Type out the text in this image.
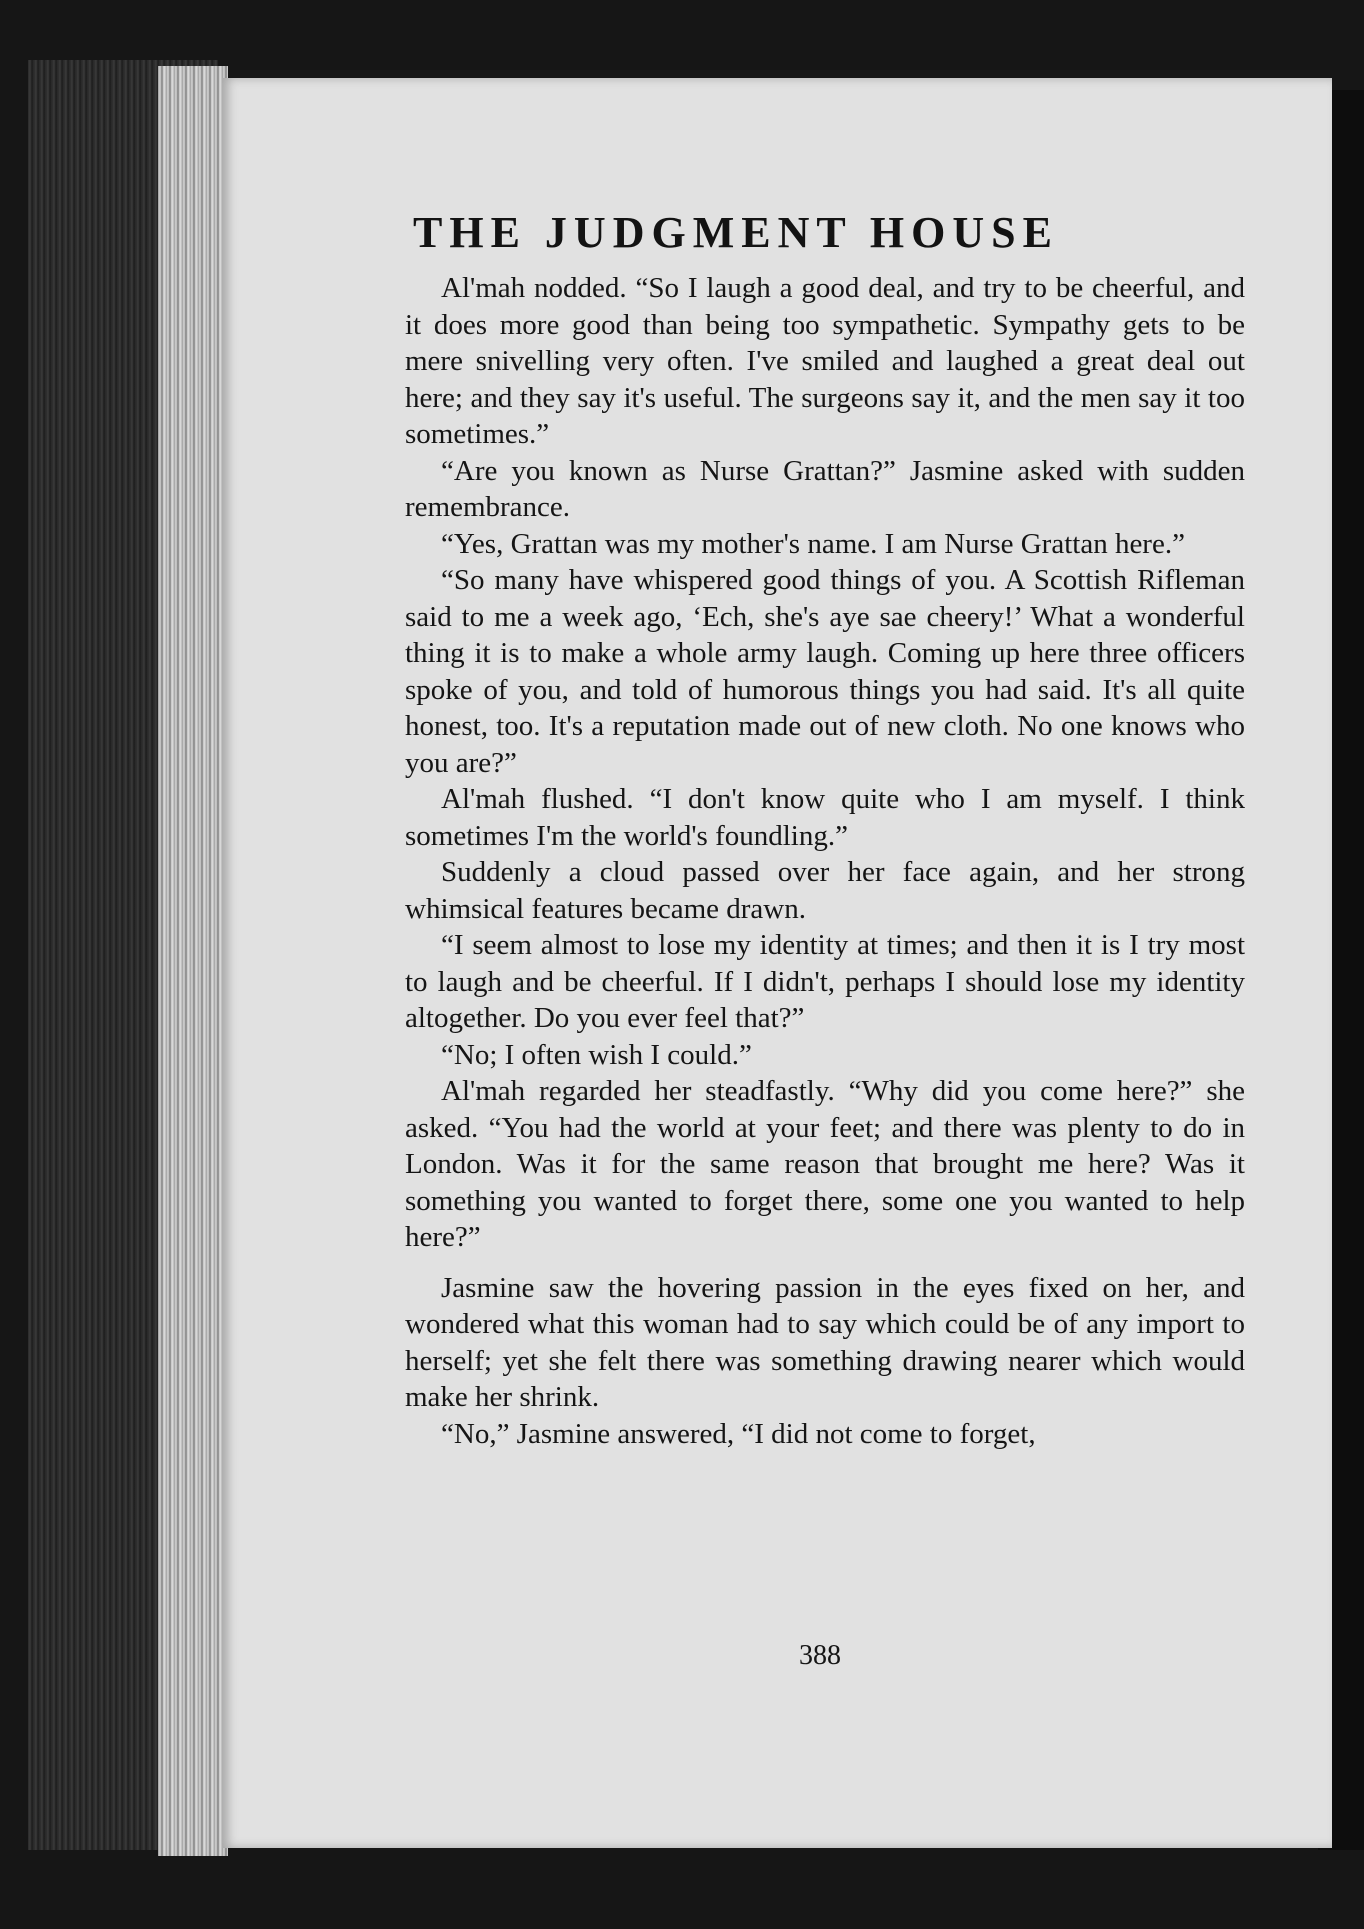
THE JUDGMENT HOUSE

Al'mah nodded. “So I laugh a good deal, and try to be cheerful, and it does more good than being too sympathetic. Sympathy gets to be mere snivelling very often. I've smiled and laughed a great deal out here; and they say it's useful. The surgeons say it, and the men say it too sometimes.”

“Are you known as Nurse Grattan?” Jasmine asked with sudden remembrance.

“Yes, Grattan was my mother's name. I am Nurse Grattan here.”

“So many have whispered good things of you. A Scottish Rifleman said to me a week ago, ‘Ech, she's aye sae cheery!’ What a wonderful thing it is to make a whole army laugh. Coming up here three officers spoke of you, and told of humorous things you had said. It's all quite honest, too. It's a reputation made out of new cloth. No one knows who you are?”

Al'mah flushed. “I don't know quite who I am myself. I think sometimes I'm the world's foundling.”

Suddenly a cloud passed over her face again, and her strong whimsical features became drawn.

“I seem almost to lose my identity at times; and then it is I try most to laugh and be cheerful. If I didn't, perhaps I should lose my identity altogether. Do you ever feel that?”

“No; I often wish I could.”

Al'mah regarded her steadfastly. “Why did you come here?” she asked. “You had the world at your feet; and there was plenty to do in London. Was it for the same reason that brought me here? Was it something you wanted to forget there, some one you wanted to help here?”

Jasmine saw the hovering passion in the eyes fixed on her, and wondered what this woman had to say which could be of any import to herself; yet she felt there was something drawing nearer which would make her shrink.

“No,” Jasmine answered, “I did not come to forget,

388
